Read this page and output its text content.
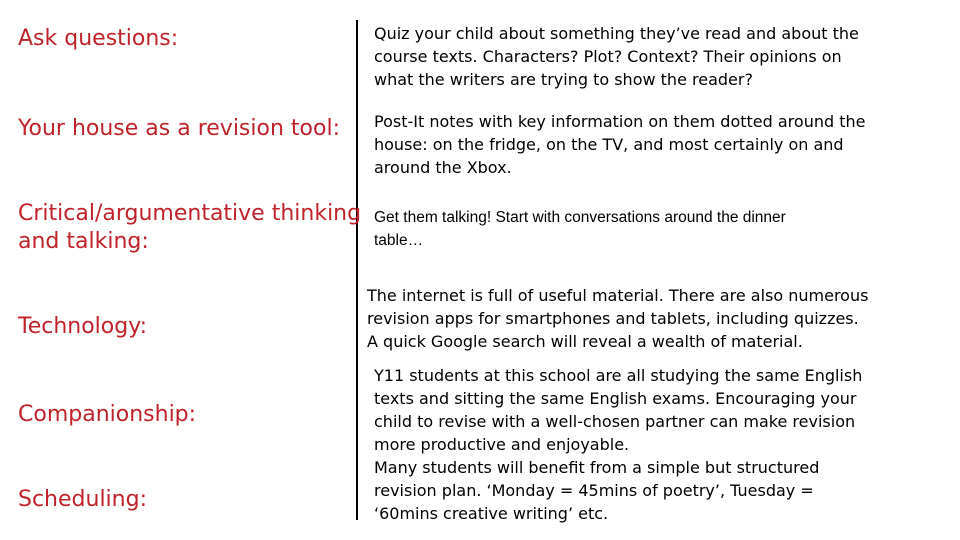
Ask questions:	Quiz your child about something they’ve read and about the
course texts. Characters? Plot? Context? Their opinions on
what the writers are trying to show the reader?
Your house as a revision tool: Post-It notes with key information on them dotted around the
house: on the fridge, on the TV, and most certainly on and
around the Xbox.
Critical/argumentative thinking
and talking:
Get them talking! Start with conversations around the dinner
table…
Technology:
The internet is full of useful material. There are also numerous
revision apps for smartphones and tablets, including quizzes.
A quick Google search will reveal a wealth of material.
Companionship:
Y11 students at this school are all studying the same English
texts and sitting the same English exams. Encouraging your
child to revise with a well-chosen partner can make revision
more productive and enjoyable.
Many students will benefit from a simple but structured
revision plan. ‘Monday = 45mins of poetry’, Tuesday =
‘60mins creative writing’ etc.
Scheduling:
